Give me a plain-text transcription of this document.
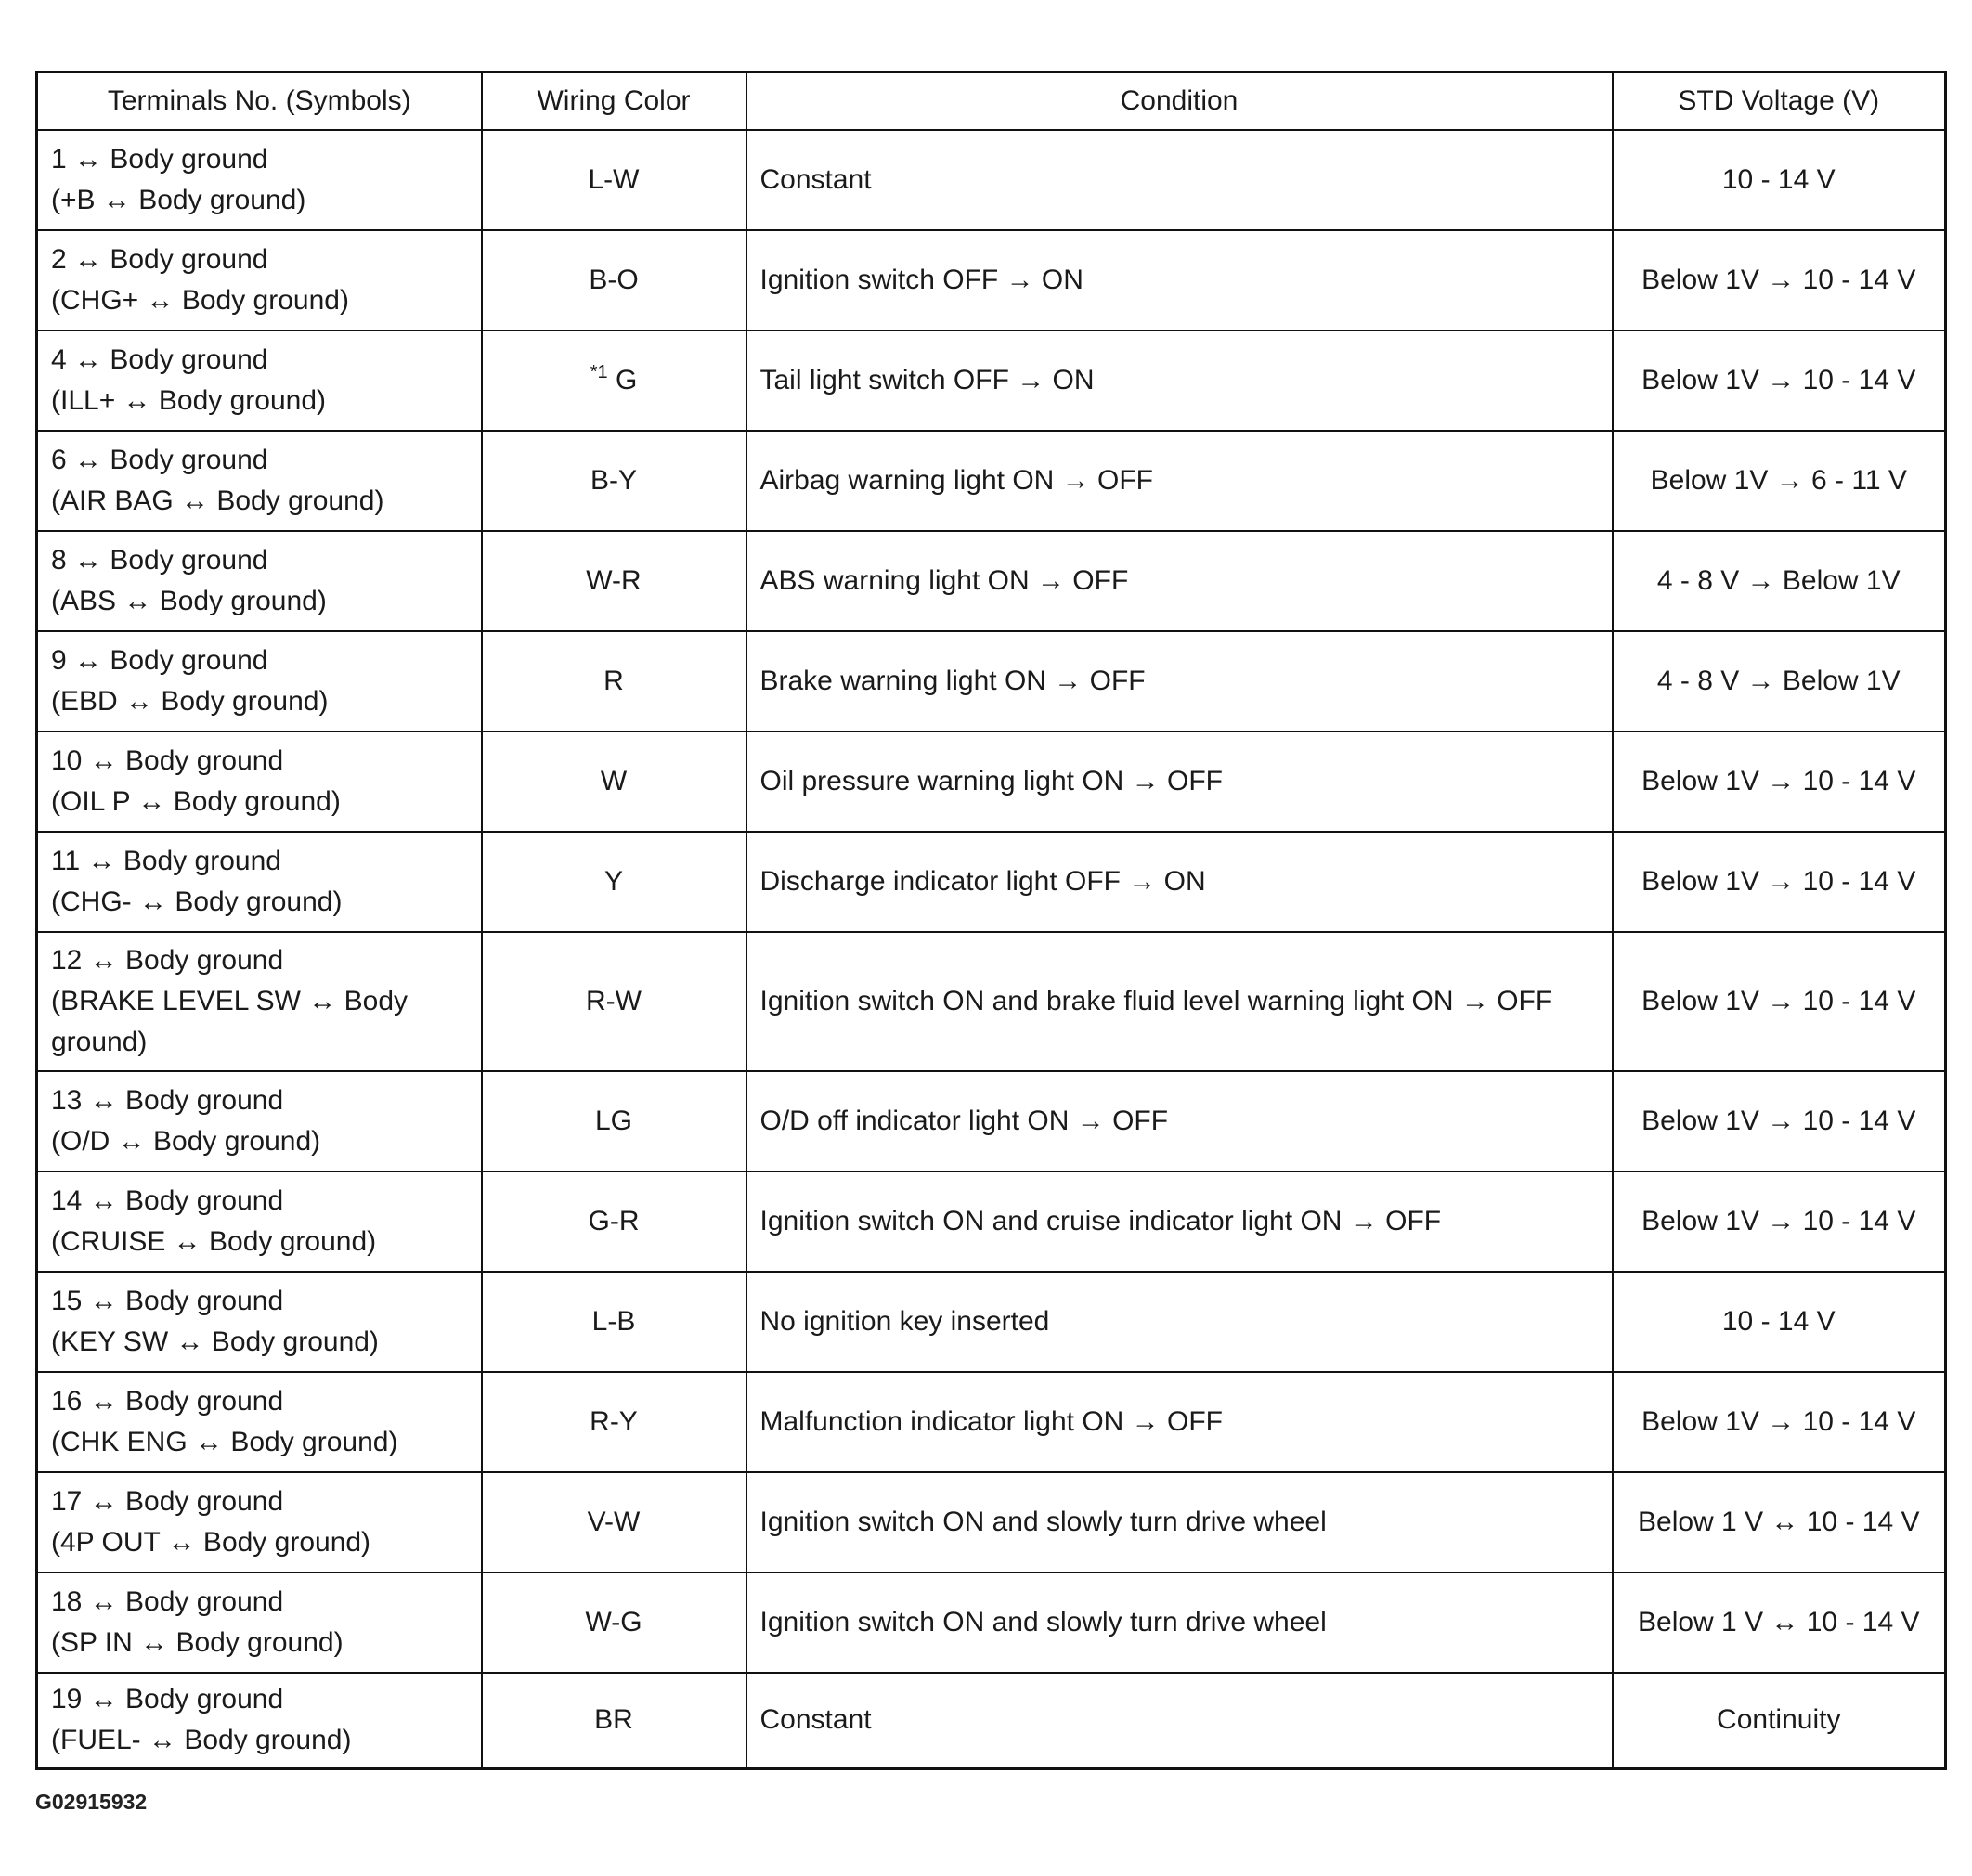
Terminals No. (Symbols)	Wiring Color	Condition	STD Voltage (V)

1 ↔ Body ground
(+B ↔ Body ground)	L-W	Constant	10 - 14 V

2 ↔ Body ground
(CHG+ ↔ Body ground)	B-O	Ignition switch OFF → ON	Below 1V → 10 - 14 V

4 ↔ Body ground
(ILL+ ↔ Body ground)	$^{*1}$ G	Tail light switch OFF → ON	Below 1V → 10 - 14 V

6 ↔ Body ground
(AIR BAG ↔ Body ground)	B-Y	Airbag warning light ON → OFF	Below 1V → 6 - 11 V

8 ↔ Body ground
(ABS ↔ Body ground)	W-R	ABS warning light ON → OFF	4 - 8 V → Below 1V

9 ↔ Body ground
(EBD ↔ Body ground)	R	Brake warning light ON → OFF	4 - 8 V → Below 1V

10 ↔ Body ground
(OIL P ↔ Body ground)	W	Oil pressure warning light ON → OFF	Below 1V → 10 - 14 V

11 ↔ Body ground
(CHG- ↔ Body ground)	Y	Discharge indicator light OFF → ON	Below 1V → 10 - 14 V

12 ↔ Body ground
(BRAKE LEVEL SW ↔ Body ground)	R-W	Ignition switch ON and brake fluid level warning light ON → OFF	Below 1V → 10 - 14 V

13 ↔ Body ground
(O/D ↔ Body ground)	LG	O/D off indicator light ON → OFF	Below 1V → 10 - 14 V

14 ↔ Body ground
(CRUISE ↔ Body ground)	G-R	Ignition switch ON and cruise indicator light ON → OFF	Below 1V → 10 - 14 V

15 ↔ Body ground
(KEY SW ↔ Body ground)	L-B	No ignition key inserted	10 - 14 V

16 ↔ Body ground
(CHK ENG ↔ Body ground)	R-Y	Malfunction indicator light ON → OFF	Below 1V → 10 - 14 V

17 ↔ Body ground
(4P OUT ↔ Body ground)	V-W	Ignition switch ON and slowly turn drive wheel	Below 1 V ↔ 10 - 14 V

18 ↔ Body ground
(SP IN ↔ Body ground)	W-G	Ignition switch ON and slowly turn drive wheel	Below 1 V ↔ 10 - 14 V

19 ↔ Body ground
(FUEL- ↔ Body ground)	BR	Constant	Continuity
G02915932
